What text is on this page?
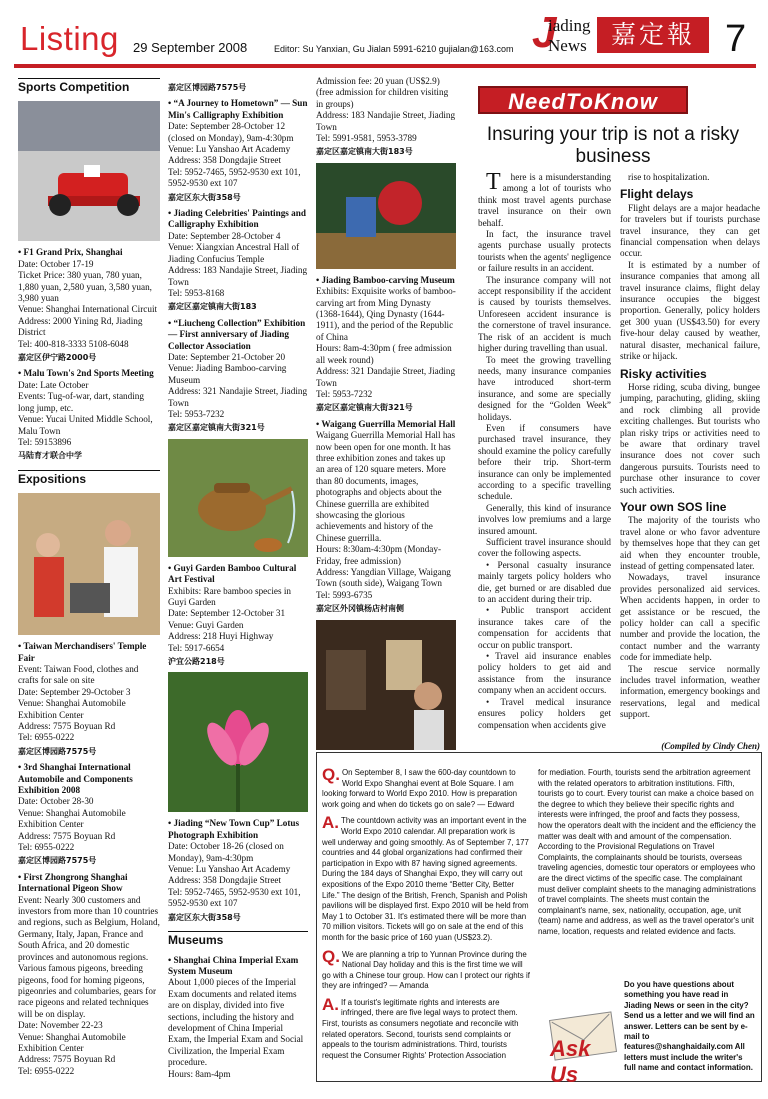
Listing 29 September 2008	Editor: Su Yanxian, Gu Jialan 5991-6210 gujialan@163.com J
iading
News 嘉定報 7
Sports Competition
• F1 Grand Prix, Shanghai
Date: October 17-19
Ticket Price: 380 yuan, 780 yuan, 1,880 yuan, 2,580 yuan, 3,580 yuan, 3,980 yuan
Venue: Shanghai International Circuit
Address: 2000 Yining Rd, Jiading District
Tel: 400-818-3333 5108-6048
嘉定区伊宁路2000号
• Malu Town's 2nd Sports Meeting
Date: Late October
Events: Tug-of-war, dart, standing long jump, etc.
Venue: Yucai United Middle School, Malu Town
Tel: 59153896
马陆育才联合中学
Expositions
• Taiwan Merchandisers' Temple Fair
Event: Taiwan Food, clothes and crafts for sale on site
Date: September 29-October 3
Venue: Shanghai Automobile Exhibition Center
Address: 7575 Boyuan Rd
Tel: 6955-0222
嘉定区博园路7575号
• 3rd Shanghai International Automobile and Components Exhibition 2008
Date: October 28-30
Venue: Shanghai Automobile Exhibition Center
Address: 7575 Boyuan Rd
Tel: 6955-0222
嘉定区博园路7575号
• First Zhongrong Shanghai International Pigeon Show
Event: Nearly 300 customers and investors from more than 10 countries and regions, such as Belgium, Holand, Germany, Italy, Japan, France and South Africa, and 20 domestic provinces and autonomous regions. Various famous pigeons, breeding pigeons, food for homing pigeons, pigeonries and columbaries, gears for race pigeons and related techniques will be on display.
Date: November 22-23
Venue: Shanghai Automobile Exhibition Center
Address: 7575 Boyuan Rd
Tel: 6955-0222
嘉定区博园路7575号
• “A Journey to Hometown” — Sun Min's Calligraphy Exhibition
Date: September 28-October 12 (closed on Monday), 9am-4:30pm
Venue: Lu Yanshao Art Academy
Address: 358 Dongdajie Street
Tel: 5952-7465, 5952-9530 ext 101, 5952-9530 ext 107
嘉定区东大街358号
• Jiading Celebrities' Paintings and Calligraphy Exhibition
Date: September 28-October 4
Venue: Xiangxian Ancestral Hall of Jiading Confucius Temple
Address: 183 Nandajie Street, Jiading Town
Tel: 5953-8168
嘉定区嘉定镇南大街183
• “Liucheng Collection” Exhibition — First anniversary of Jiading Collector Association
Date: September 21-October 20
Venue: Jiading Bamboo-carving Museum
Address: 321 Nandajie Street, Jiading Town
Tel: 5953-7232
嘉定区嘉定镇南大街321号
• Guyi Garden Bamboo Cultural Art Festival
Exhibits: Rare bamboo species in Guyi Garden
Date: September 12-October 31
Venue: Guyi Garden
Address: 218 Huyi Highway
Tel: 5917-6654
沪宜公路218号
• Jiading “New Town Cup” Lotus Photograph Exhibition
Date: October 18-26 (closed on Monday), 9am-4:30pm
Venue: Lu Yanshao Art Academy
Address: 358 Dongdajie Street
Tel: 5952-7465, 5952-9530 ext 101, 5952-9530 ext 107
嘉定区东大街358号
Museums
• Shanghai China Imperial Exam System Museum
About 1,000 pieces of the Imperial Exam documents and related items are on display, divided into five sections, including the history and development of China Imperial Exam, the Imperial Exam and Social Civilization, the Imperial Exam procedure.
Hours: 8am-4pm
Admission fee: 20 yuan (US$2.9) (free admission for children visiting in groups)
Address: 183 Nandajie Street, Jiading Town
Tel: 5991-9581, 5953-3789
嘉定区嘉定镇南大街183号
• Jiading Bamboo-carving Museum
Exhibits: Exquisite works of bamboo-carving art from Ming Dynasty (1368-1644), Qing Dynasty (1644-1911), and the period of the Republic of China
Hours: 8am-4:30pm ( free admission all week round)
Address: 321 Dandajie Street, Jiading Town
Tel: 5953-7232
嘉定区嘉定镇南大街321号
• Waigang Guerrilla Memorial Hall
Waigang Guerrilla Memorial Hall has now been open for one month. It has three exhibition zones and takes up an area of 120 square meters. More than 80 documents, images, photographs and objects about the Chinese guerrilla are exhibited showcasing the glorious achievements and history of the Chinese guerrilla.
Hours: 8:30am-4:30pm (Monday-Friday, free admission)
Address: Yangdian Village, Waigang Town (south side), Waigang Town
Tel: 5993-6735
嘉定区外冈镇杨店村南侧
NeedToKnow
Insuring your trip is not a risky business

There is a misunderstanding among a lot of tourists who think most travel agents purchase travel insurance on their own behalf.

In fact, the insurance travel agents purchase usually protects tourists when the agents' negligence or failure results in an accident.

The insurance company will not accept responsibility if the accident is caused by tourists themselves. Unforeseen accident insurance is the cornerstone of travel insurance. The risk of an accident is much higher during travelling than usual.

To meet the growing travelling needs, many insurance companies have introduced short-term insurance, and some are specially designed for the “Golden Week” holidays.

Even if consumers have purchased travel insurance, they should examine the policy carefully before their trip. Short-term insurance can only be implemented according to a specific travelling schedule.

Generally, this kind of insurance involves low premiums and a large insured amount.

Sufficient travel insurance should cover the following aspects.

• Personal casualty insurance mainly targets policy holders who die, get burned or are disabled due to an accident during their trip.

• Public transport accident insurance takes care of the compensation for accidents that occur on public transport.

• Travel aid insurance enables policy holders to get aid and assistance from the insurance company when an accident occurs.

• Travel medical insurance ensures policy holders get compensation when accidents give

rise to hospitalization.

Flight delays

Flight delays are a major headache for travelers but if tourists purchase travel insurance, they can get financial compensation when delays occur.

It is estimated by a number of insurance companies that among all travel insurance claims, flight delay insurance occupies the biggest proportion. Generally, policy holders get 300 yuan (US$43.50) for every five-hour delay caused by weather, natural disaster, mechanical failure, strike or hijack.

Risky activities

Horse riding, scuba diving, bungee jumping, parachuting, gliding, skiing and rock climbing all provide exciting challenges. But tourists who plan risky trips or activities need to be aware that ordinary travel insurance does not cover such dangerous pursuits. Tourists need to purchase other insurance to cover such activities.

Your own SOS line

The majority of the tourists who travel alone or who favor adventure by themselves hope that they can get aid when they encounter trouble, instead of getting compensated later.

Nowadays, travel insurance provides personalized aid services. When accidents happen, in order to get assistance or be rescued, the policy holder can call a specific number and provide the location, the contact number and the warranty code for immediate help.

The rescue service normally includes travel information, weather information, emergency bookings and reservations, legal and medical support.

(Compiled by Cindy Chen)
Q. On September 8, I saw the 600-day countdown to World Expo Shanghai event at Bole Square. I am looking forward to World Expo 2010. How is preparation work going and when do tickets go on sale? — Edward
A. The countdown activity was an important event in the World Expo 2010 calendar. All preparation work is well underway and going smoothly. As of September 7, 177 countries and 44 global organizations had confirmed their participation in Expo with 87 having signed agreements. During the 184 days of Shanghai Expo, they will carry out expositions of the Expo 2010 theme “Better City, Better Life.” The design of the British, French, Spanish and Polish pavilions will be displayed first. Expo 2010 will be held from May 1 to October 31. It's estimated there will be more than 70 million visitors. Tickets will go on sale at the end of this month for the basic price of 160 yuan (US$23.2).
Q. We are planning a trip to Yunnan Province during the National Day holiday and this is the first time we will go with a Chinese tour group. How can I protect our rights if they are infringed? — Amanda
A. If a tourist's legitimate rights and interests are infringed, there are five legal ways to protect them. First, tourists as consumers negotiate and reconcile with related operators. Second, tourists send complaints or appeals to the tourism administrations. Third, tourists request the Consumer Rights' Protection Association
for mediation. Fourth, tourists send the arbitration agreement with the related operators to arbitration institutions. Fifth, tourists go to court. Every tourist can make a choice based on the degree to which they believe their specific rights and interests were infringed, the proof and facts they possess, how the operators dealt with the incident and the efficiency the matter was dealt with and amount of the compensation. According to the Provisional Regulations on Travel Complaints, the complainants should be tourists, overseas traveling agencies, domestic tour operators or employees who are the direct victims of the specific case. The complainant must deliver complaint sheets to the managing administrations of travel complaints. The sheets must contain the complainant's name, sex, nationality, occupation, age, unit (team) name and address, as well as the travel operator's unit name, location, requests and related evidence and facts.
Ask Us
Do you have questions about something you have read in Jiading News or seen in the city? Send us a letter and we will find an answer. Letters can be sent by e-mail to features@shanghaidaily.com All letters must include the writer's full name and contact information.
